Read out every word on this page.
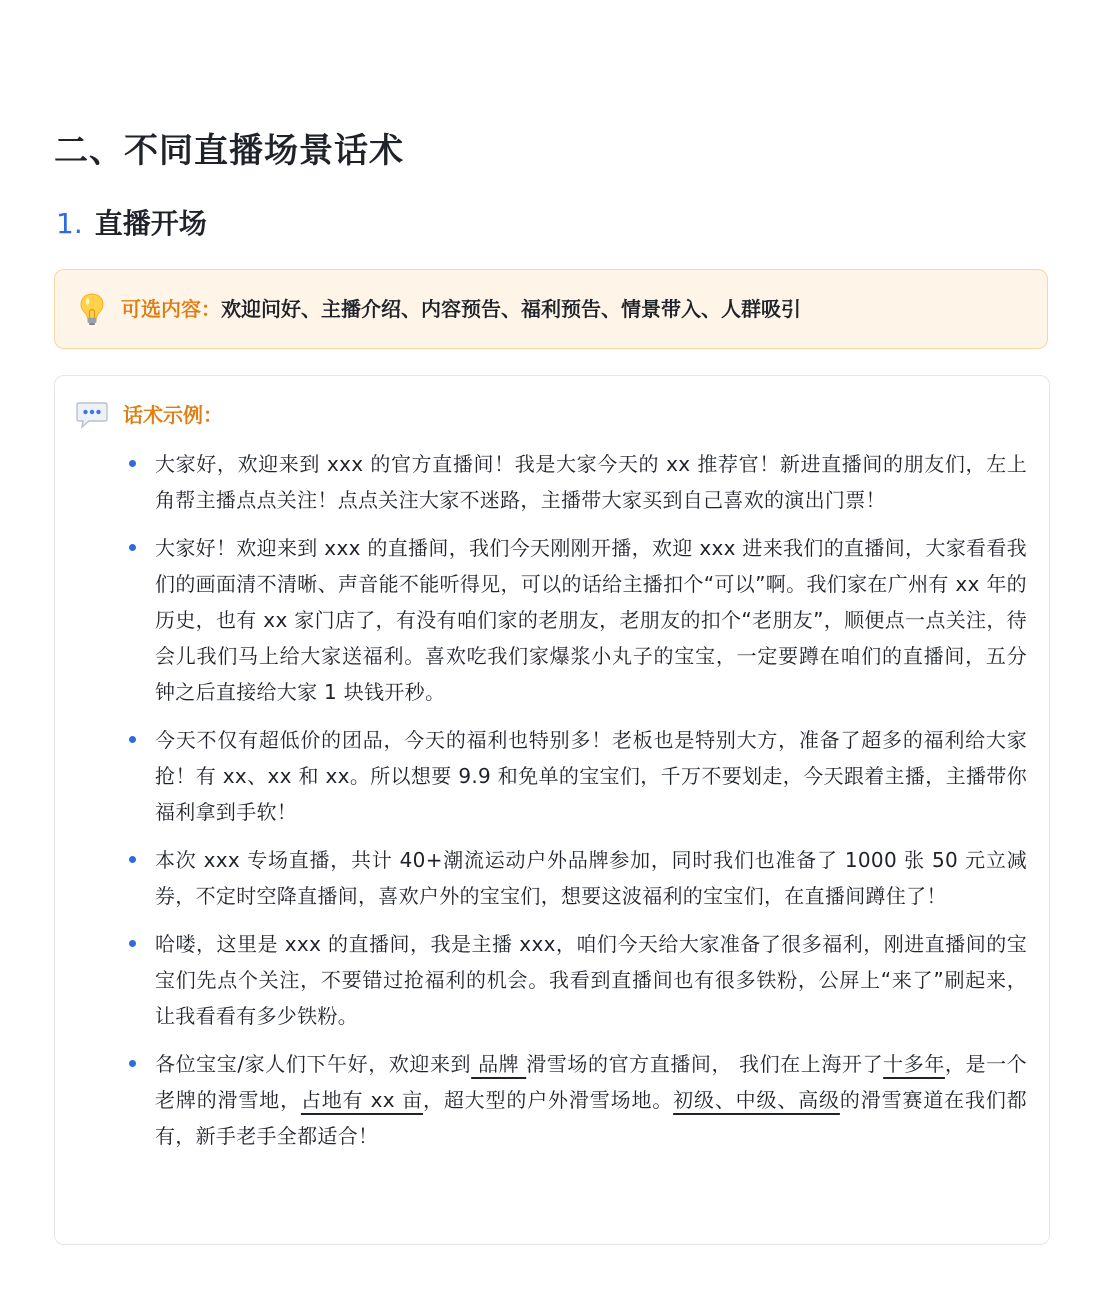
二、不同直播场景话术
1. 直播开场
可选内容：欢迎问好、主播介绍、内容预告、福利预告、情景带入、人群吸引
话术示例：
大家好，欢迎来到 xxx 的官方直播间！我是大家今天的 xx 推荐官！新进直播间的朋友们，左上角帮主播点点关注！点点关注大家不迷路，主播带大家买到自己喜欢的演出门票！
大家好！欢迎来到 xxx 的直播间，我们今天刚刚开播，欢迎 xxx 进来我们的直播间，大家看看我们的画面清不清晰、声音能不能听得见，可以的话给主播扣个“可以”啊。我们家在广州有 xx 年的历史，也有 xx 家门店了，有没有咱们家的老朋友，老朋友的扣个“老朋友”，顺便点一点关注，待会儿我们马上给大家送福利。喜欢吃我们家爆浆小丸子的宝宝，一定要蹲在咱们的直播间，五分钟之后直接给大家 1 块钱开秒。
今天不仅有超低价的团品，今天的福利也特别多！老板也是特别大方，准备了超多的福利给大家抢！有 xx、xx 和 xx。所以想要 9.9 和免单的宝宝们，千万不要划走，今天跟着主播，主播带你福利拿到手软！
本次 xxx 专场直播，共计 40+潮流运动户外品牌参加，同时我们也准备了 1000 张 50 元立减券，不定时空降直播间，喜欢户外的宝宝们，想要这波福利的宝宝们，在直播间蹲住了！
哈喽，这里是 xxx 的直播间，我是主播 xxx，咱们今天给大家准备了很多福利，刚进直播间的宝宝们先点个关注，不要错过抢福利的机会。我看到直播间也有很多铁粉，公屏上“来了”刷起来，让我看看有多少铁粉。
各位宝宝/家人们下午好，欢迎来到 品牌 滑雪场的官方直播间， 我们在上海开了十多年，是一个老牌的滑雪地，占地有 xx 亩，超大型的户外滑雪场地。初级、中级、高级的滑雪赛道在我们都有，新手老手全都适合！
